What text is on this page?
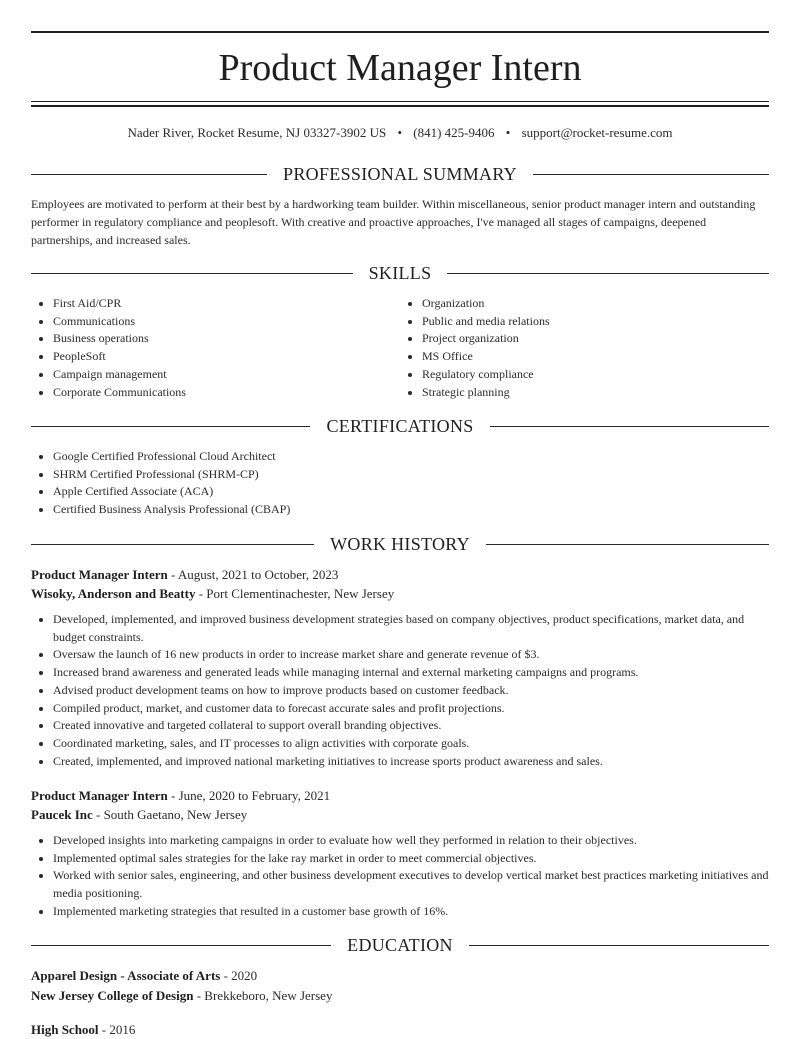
Product Manager Intern
Nader River, Rocket Resume, NJ 03327-3902 US • (841) 425-9406 • support@rocket-resume.com
PROFESSIONAL SUMMARY
Employees are motivated to perform at their best by a hardworking team builder. Within miscellaneous, senior product manager intern and outstanding performer in regulatory compliance and peoplesoft. With creative and proactive approaches, I've managed all stages of campaigns, deepened partnerships, and increased sales.
SKILLS
• First Aid/CPR
• Communications
• Business operations
• PeopleSoft
• Campaign management
• Corporate Communications
• Organization
• Public and media relations
• Project organization
• MS Office
• Regulatory compliance
• Strategic planning
CERTIFICATIONS
• Google Certified Professional Cloud Architect
• SHRM Certified Professional (SHRM-CP)
• Apple Certified Associate (ACA)
• Certified Business Analysis Professional (CBAP)
WORK HISTORY
Product Manager Intern - August, 2021 to October, 2023
Wisoky, Anderson and Beatty - Port Clementinachester, New Jersey
• Developed, implemented, and improved business development strategies based on company objectives, product specifications, market data, and budget constraints.
• Oversaw the launch of 16 new products in order to increase market share and generate revenue of $3.
• Increased brand awareness and generated leads while managing internal and external marketing campaigns and programs.
• Advised product development teams on how to improve products based on customer feedback.
• Compiled product, market, and customer data to forecast accurate sales and profit projections.
• Created innovative and targeted collateral to support overall branding objectives.
• Coordinated marketing, sales, and IT processes to align activities with corporate goals.
• Created, implemented, and improved national marketing initiatives to increase sports product awareness and sales.
Product Manager Intern - June, 2020 to February, 2021
Paucek Inc - South Gaetano, New Jersey
• Developed insights into marketing campaigns in order to evaluate how well they performed in relation to their objectives.
• Implemented optimal sales strategies for the lake ray market in order to meet commercial objectives.
• Worked with senior sales, engineering, and other business development executives to develop vertical market best practices marketing initiatives and media positioning.
• Implemented marketing strategies that resulted in a customer base growth of 16%.
EDUCATION
Apparel Design - Associate of Arts - 2020
New Jersey College of Design - Brekkeboro, New Jersey
High School - 2016
